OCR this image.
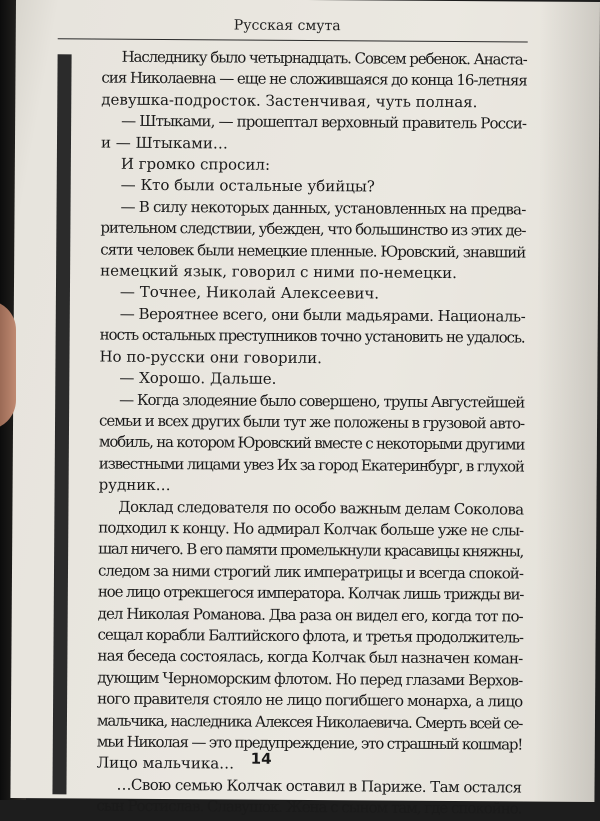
Русская смута
Наследнику было четырнадцать. Совсем ребенок. Анаста-
сия Николаевна — еще не сложившаяся до конца 16-летняя
девушка-подросток. Застенчивая, чуть полная.
— Штыками, — прошептал верховный правитель Росси-
и — Штыками…
И громко спросил:
— Кто были остальные убийцы?
— В силу некоторых данных, установленных на предва-
рительном следствии, убежден, что большинство из этих де-
сяти человек были немецкие пленные. Юровский, знавший
немецкий язык, говорил с ними по-немецки.
— Точнее, Николай Алексеевич.
— Вероятнее всего, они были мадьярами. Националь-
ность остальных преступников точно установить не удалось.
Но по-русски они говорили.
— Хорошо. Дальше.
— Когда злодеяние было совершено, трупы Августейшей
семьи и всех других были тут же положены в грузовой авто-
мобиль, на котором Юровский вместе с некоторыми другими
известными лицами увез Их за город Екатеринбург, в глухой
рудник…
Доклад следователя по особо важным делам Соколова
подходил к концу. Но адмирал Колчак больше уже не слы-
шал ничего. В его памяти промелькнули красавицы княжны,
следом за ними строгий лик императрицы и всегда спокой-
ное лицо отрекшегося императора. Колчак лишь трижды ви-
дел Николая Романова. Два раза он видел его, когда тот по-
сещал корабли Балтийского флота, и третья продолжитель-
ная беседа состоялась, когда Колчак был назначен коман-
дующим Черноморским флотом. Но перед глазами Верхов-
ного правителя стояло не лицо погибшего монарха, а лицо
мальчика, наследника Алексея Николаевича. Смерть всей се-
мьи Николая — это предупреждение, это страшный кошмар!
Лицо мальчика…
…Свою семью Колчак оставил в Париже. Там остался
сын Ростислав. Славушок. Жена с сыном там, где спокойно.
14
